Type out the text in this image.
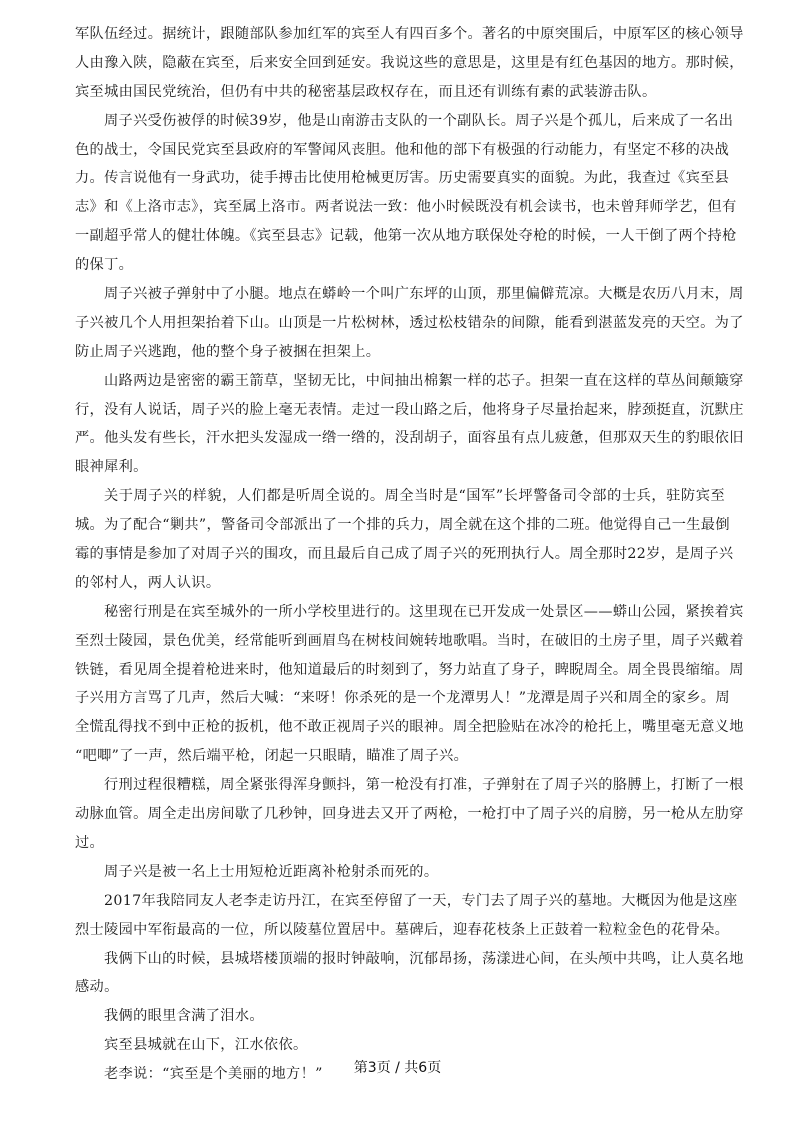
军队伍经过。据统计，跟随部队参加红军的宾至人有四百多个。著名的中原突围后，中原军区的核心领导
人由豫入陕，隐蔽在宾至，后来安全回到延安。我说这些的意思是，这里是有红色基因的地方。那时候，
宾至城由国民党统治，但仍有中共的秘密基层政权存在，而且还有训练有素的武装游击队。
周子兴受伤被俘的时候39岁，他是山南游击支队的一个副队长。周子兴是个孤儿，后来成了一名出
色的战士，令国民党宾至县政府的军警闻风丧胆。他和他的部下有极强的行动能力，有坚定不移的决战
力。传言说他有一身武功，徒手搏击比使用枪械更厉害。历史需要真实的面貌。为此，我查过《宾至县
志》和《上洛市志》，宾至属上洛市。两者说法一致：他小时候既没有机会读书，也未曾拜师学艺，但有
一副超乎常人的健壮体魄。《宾至县志》记载，他第一次从地方联保处夺枪的时候，一人干倒了两个持枪
的保丁。
周子兴被子弹射中了小腿。地点在蟒岭一个叫广东坪的山顶，那里偏僻荒凉。大概是农历八月末，周
子兴被几个人用担架抬着下山。山顶是一片松树林，透过松枝错杂的间隙，能看到湛蓝发亮的天空。为了
防止周子兴逃跑，他的整个身子被捆在担架上。
山路两边是密密的霸王箭草，坚韧无比，中间抽出棉絮一样的芯子。担架一直在这样的草丛间颠簸穿
行，没有人说话，周子兴的脸上毫无表情。走过一段山路之后，他将身子尽量抬起来，脖颈挺直，沉默庄
严。他头发有些长，汗水把头发湿成一绺一绺的，没刮胡子，面容虽有点儿疲惫，但那双天生的豹眼依旧
眼神犀利。
关于周子兴的样貌，人们都是听周全说的。周全当时是“国军”长坪警备司令部的士兵，驻防宾至
城。为了配合“剿共”，警备司令部派出了一个排的兵力，周全就在这个排的二班。他觉得自己一生最倒
霉的事情是参加了对周子兴的围攻，而且最后自己成了周子兴的死刑执行人。周全那时22岁，是周子兴
的邻村人，两人认识。
秘密行刑是在宾至城外的一所小学校里进行的。这里现在已开发成一处景区——蟒山公园，紧挨着宾
至烈士陵园，景色优美，经常能听到画眉鸟在树枝间婉转地歌唱。当时，在破旧的土房子里，周子兴戴着
铁链，看见周全提着枪进来时，他知道最后的时刻到了，努力站直了身子，睥睨周全。周全畏畏缩缩。周
子兴用方言骂了几声，然后大喊：“来呀！你杀死的是一个龙潭男人！”龙潭是周子兴和周全的家乡。周
全慌乱得找不到中正枪的扳机，他不敢正视周子兴的眼神。周全把脸贴在冰冷的枪托上，嘴里毫无意义地
“吧唧”了一声，然后端平枪，闭起一只眼睛，瞄准了周子兴。
行刑过程很糟糕，周全紧张得浑身颤抖，第一枪没有打准，子弹射在了周子兴的胳膊上，打断了一根
动脉血管。周全走出房间歇了几秒钟，回身进去又开了两枪，一枪打中了周子兴的肩膀，另一枪从左肋穿
过。
周子兴是被一名上士用短枪近距离补枪射杀而死的。
2017年我陪同友人老李走访丹江，在宾至停留了一天，专门去了周子兴的墓地。大概因为他是这座
烈士陵园中军衔最高的一位，所以陵墓位置居中。墓碑后，迎春花枝条上正鼓着一粒粒金色的花骨朵。
我俩下山的时候，县城塔楼顶端的报时钟敲响，沉郁昂扬，荡漾进心间，在头颅中共鸣，让人莫名地
感动。
我俩的眼里含满了泪水。
宾至县城就在山下，江水依依。
老李说：“宾至是个美丽的地方！”	第3页 / 共6页
